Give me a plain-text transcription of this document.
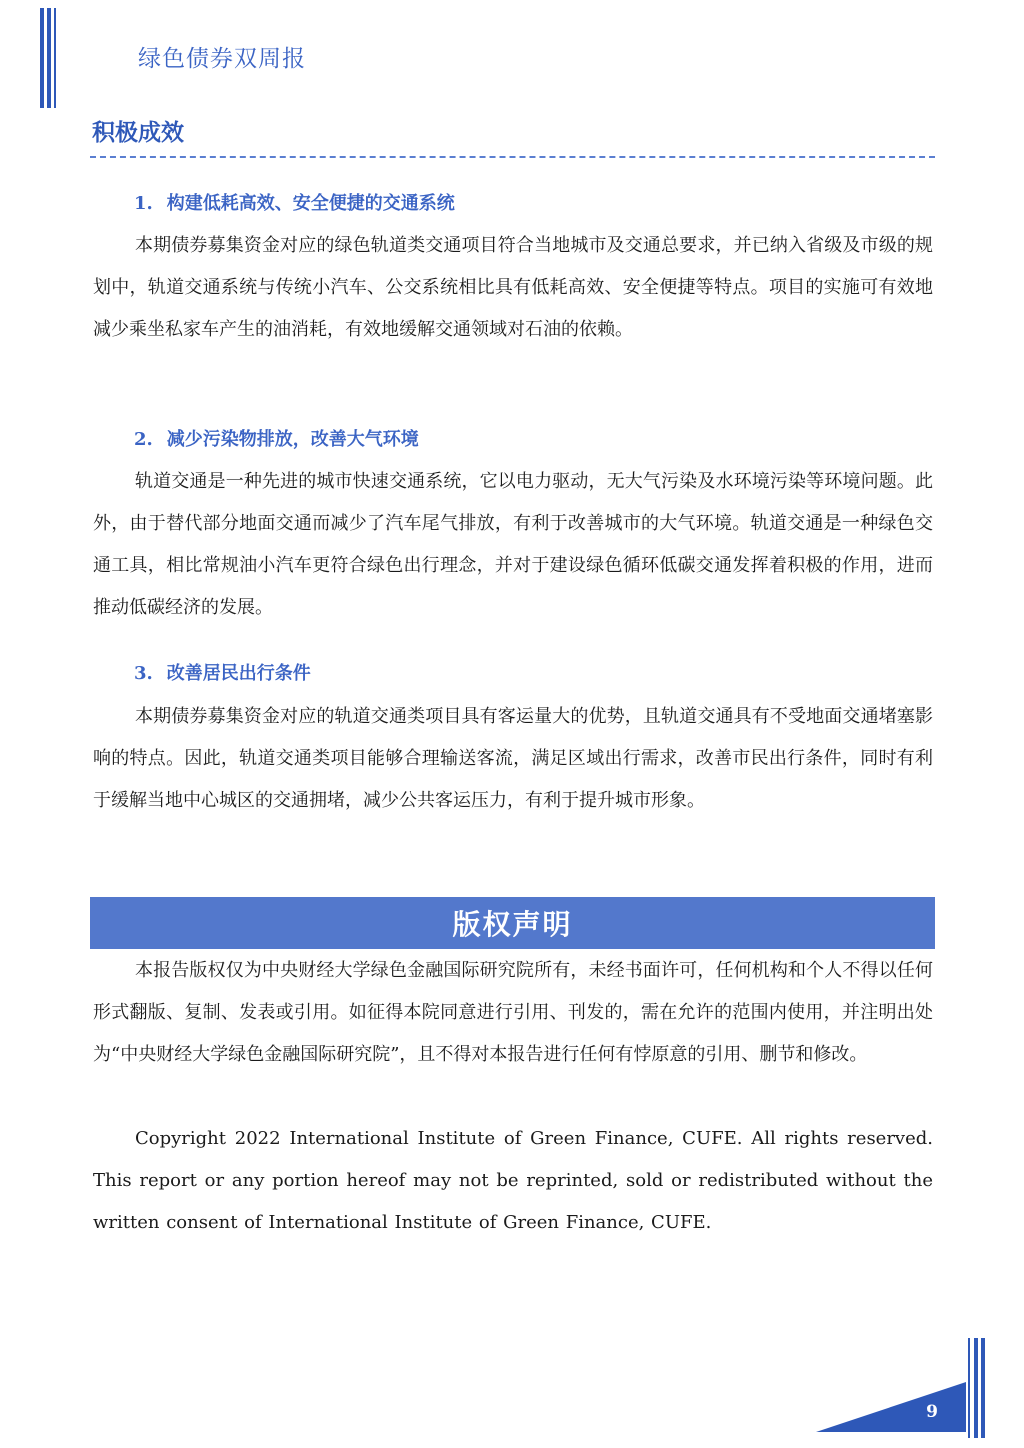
绿色债券双周报
积极成效
1. 构建低耗高效、安全便捷的交通系统
本期债券募集资金对应的绿色轨道类交通项目符合当地城市及交通总要求，并已纳入省级及市级的规划中，轨道交通系统与传统小汽车、公交系统相比具有低耗高效、安全便捷等特点。项目的实施可有效地减少乘坐私家车产生的油消耗，有效地缓解交通领域对石油的依赖。
2. 减少污染物排放，改善大气环境
轨道交通是一种先进的城市快速交通系统，它以电力驱动，无大气污染及水环境污染等环境问题。此外，由于替代部分地面交通而减少了汽车尾气排放，有利于改善城市的大气环境。轨道交通是一种绿色交通工具，相比常规油小汽车更符合绿色出行理念，并对于建设绿色循环低碳交通发挥着积极的作用，进而推动低碳经济的发展。
3. 改善居民出行条件
本期债券募集资金对应的轨道交通类项目具有客运量大的优势，且轨道交通具有不受地面交通堵塞影响的特点。因此，轨道交通类项目能够合理输送客流，满足区域出行需求，改善市民出行条件，同时有利于缓解当地中心城区的交通拥堵，减少公共客运压力，有利于提升城市形象。
版权声明
本报告版权仅为中央财经大学绿色金融国际研究院所有，未经书面许可，任何机构和个人不得以任何形式翻版、复制、发表或引用。如征得本院同意进行引用、刊发的，需在允许的范围内使用，并注明出处为“中央财经大学绿色金融国际研究院”，且不得对本报告进行任何有悖原意的引用、删节和修改。
Copyright 2022 International Institute of Green Finance, CUFE. All rights reserved. This report or any portion hereof may not be reprinted, sold or redistributed without the written consent of International Institute of Green Finance, CUFE.
9
